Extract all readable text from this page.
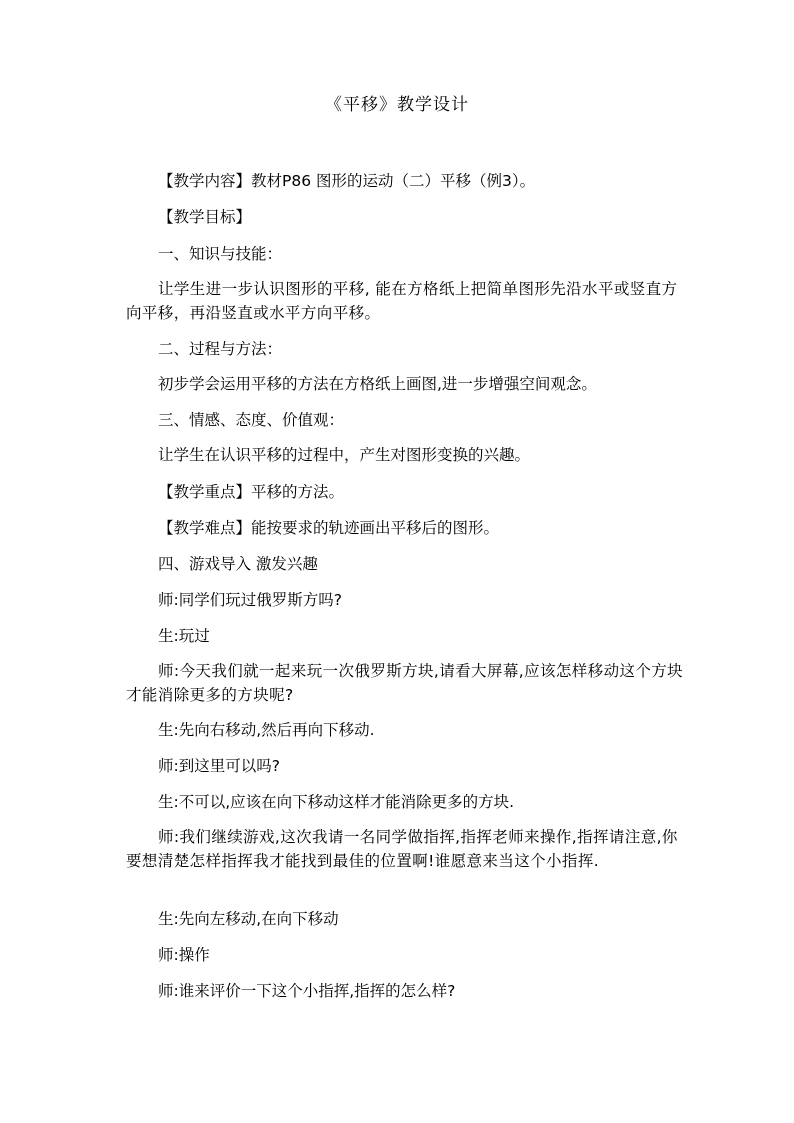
《平移》教学设计
【教学内容】教材P86 图形的运动（二）平移（例3）。
【教学目标】
一、知识与技能：
让学生进一步认识图形的平移, 能在方格纸上把简单图形先沿水平或竖直方向平移，再沿竖直或水平方向平移。
二、过程与方法：
初步学会运用平移的方法在方格纸上画图,进一步增强空间观念。
三、情感、态度、价值观：
让学生在认识平移的过程中，产生对图形变换的兴趣。
【教学重点】平移的方法。
【教学难点】能按要求的轨迹画出平移后的图形。
四、游戏导入 激发兴趣
师:同学们玩过俄罗斯方吗?
生:玩过
师:今天我们就一起来玩一次俄罗斯方块,请看大屏幕,应该怎样移动这个方块才能消除更多的方块呢?
生:先向右移动,然后再向下移动.
师:到这里可以吗?
生:不可以,应该在向下移动这样才能消除更多的方块.
师:我们继续游戏,这次我请一名同学做指挥,指挥老师来操作,指挥请注意,你要想清楚怎样指挥我才能找到最佳的位置啊!谁愿意来当这个小指挥.
生:先向左移动,在向下移动
师:操作
师:谁来评价一下这个小指挥,指挥的怎么样?
